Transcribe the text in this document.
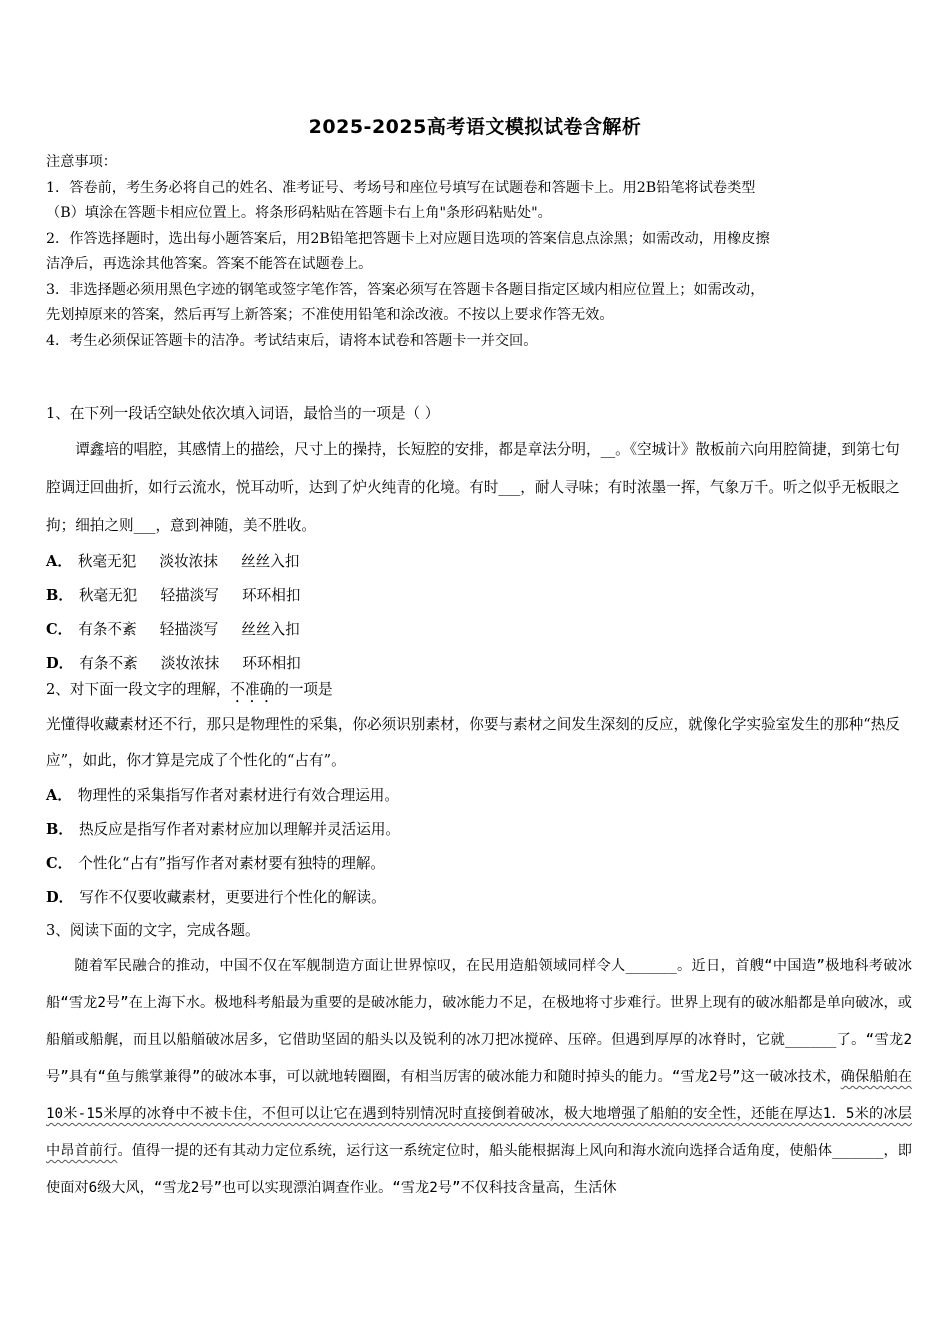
2025-2025高考语文模拟试卷含解析
注意事项：
1．答卷前，考生务必将自己的姓名、准考证号、考场号和座位号填写在试题卷和答题卡上。用2B铅笔将试卷类型
（B）填涂在答题卡相应位置上。将条形码粘贴在答题卡右上角"条形码粘贴处"。
2．作答选择题时，选出每小题答案后，用2B铅笔把答题卡上对应题目选项的答案信息点涂黑；如需改动，用橡皮擦
洁净后，再选涂其他答案。答案不能答在试题卷上。
3．非选择题必须用黑色字迹的钢笔或签字笔作答，答案必须写在答题卡各题目指定区域内相应位置上；如需改动，
先划掉原来的答案，然后再写上新答案；不准使用铅笔和涂改液。不按以上要求作答无效。
4．考生必须保证答题卡的洁净。考试结束后，请将本试卷和答题卡一并交回。
1、在下列一段话空缺处依次填入词语，最恰当的一项是（ ）
谭鑫培的唱腔，其感情上的描绘，尺寸上的操持，长短腔的安排，都是章法分明，__。《空城计》散板前六向用腔简捷，到第七句腔调迂回曲折，如行云流水，悦耳动听，达到了炉火纯青的化境。有时___，耐人寻味；有时浓墨一挥，气象万千。听之似乎无板眼之拘；细拍之则___，意到神随，美不胜收。
A． 秋毫无犯     淡妆浓抹     丝丝入扣
B． 秋毫无犯     轻描淡写     环环相扣
C． 有条不紊     轻描淡写     丝丝入扣
D． 有条不紊     淡妆浓抹     环环相扣
2、对下面一段文字的理解，不准确的一项是
光懂得收藏素材还不行，那只是物理性的采集，你必须识别素材，你要与素材之间发生深刻的反应，就像化学实验室发生的那种“热反应”，如此，你才算是完成了个性化的“占有”。
A． 物理性的采集指写作者对素材进行有效合理运用。
B． 热反应是指写作者对素材应加以理解并灵活运用。
C． 个性化“占有”指写作者对素材要有独特的理解。
D． 写作不仅要收藏素材，更要进行个性化的解读。
3、阅读下面的文字，完成各题。
随着军民融合的推动，中国不仅在军舰制造方面让世界惊叹，在民用造船领域同样令人______。近日，首艘“中国造”极地科考破冰船“雪龙2号”在上海下水。极地科考船最为重要的是破冰能力，破冰能力不足，在极地将寸步难行。世界上现有的破冰船都是单向破冰，或船艏或船艉，而且以船艏破冰居多，它借助坚固的船头以及锐利的冰刀把冰搅碎、压碎。但遇到厚厚的冰脊时，它就______了。“雪龙2号”具有“鱼与熊掌兼得”的破冰本事，可以就地转圈圈，有相当厉害的破冰能力和随时掉头的能力。“雪龙2号”这一破冰技术，确保船舶在10米-15米厚的冰脊中不被卡住，不但可以让它在遇到特别情况时直接倒着破冰，极大地增强了船舶的安全性，还能在厚达1．5米的冰层中昂首前行。值得一提的还有其动力定位系统，运行这一系统定位时，船头能根据海上风向和海水流向选择合适角度，使船体______，即使面对6级大风，“雪龙2号”也可以实现漂泊调查作业。“雪龙2号”不仅科技含量高，生活休
